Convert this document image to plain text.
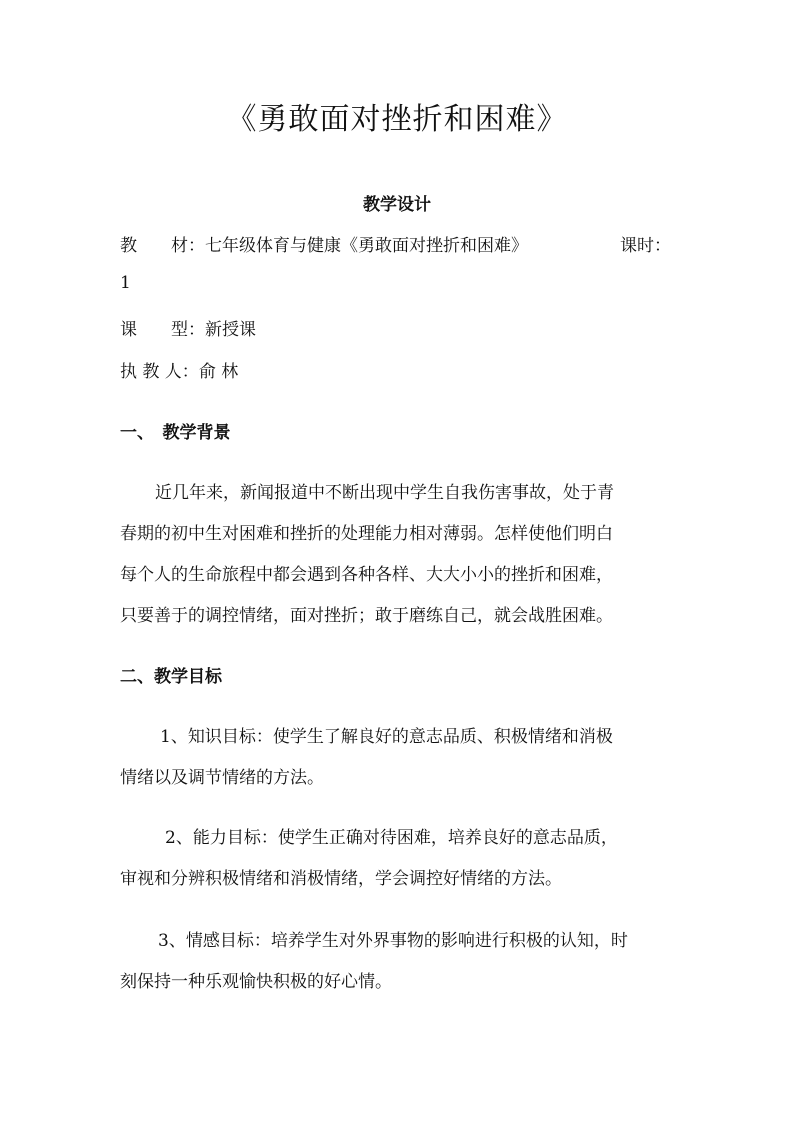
《勇敢面对挫折和困难》
教学设计
教　　材：七年级体育与健康《勇敢面对挫折和困难》	课时：
1
课　　型：新授课
执 教 人：俞 林
一、　教学背景
近几年来，新闻报道中不断出现中学生自我伤害事故，处于青
春期的初中生对困难和挫折的处理能力相对薄弱。怎样使他们明白
每个人的生命旅程中都会遇到各种各样、大大小小的挫折和困难，
只要善于的调控情绪，面对挫折；敢于磨练自己，就会战胜困难。
二、教学目标
1、知识目标：使学生了解良好的意志品质、积极情绪和消极
情绪以及调节情绪的方法。
2、能力目标：使学生正确对待困难，培养良好的意志品质，
审视和分辨积极情绪和消极情绪，学会调控好情绪的方法。
3、情感目标：培养学生对外界事物的影响进行积极的认知，时
刻保持一种乐观愉快积极的好心情。
